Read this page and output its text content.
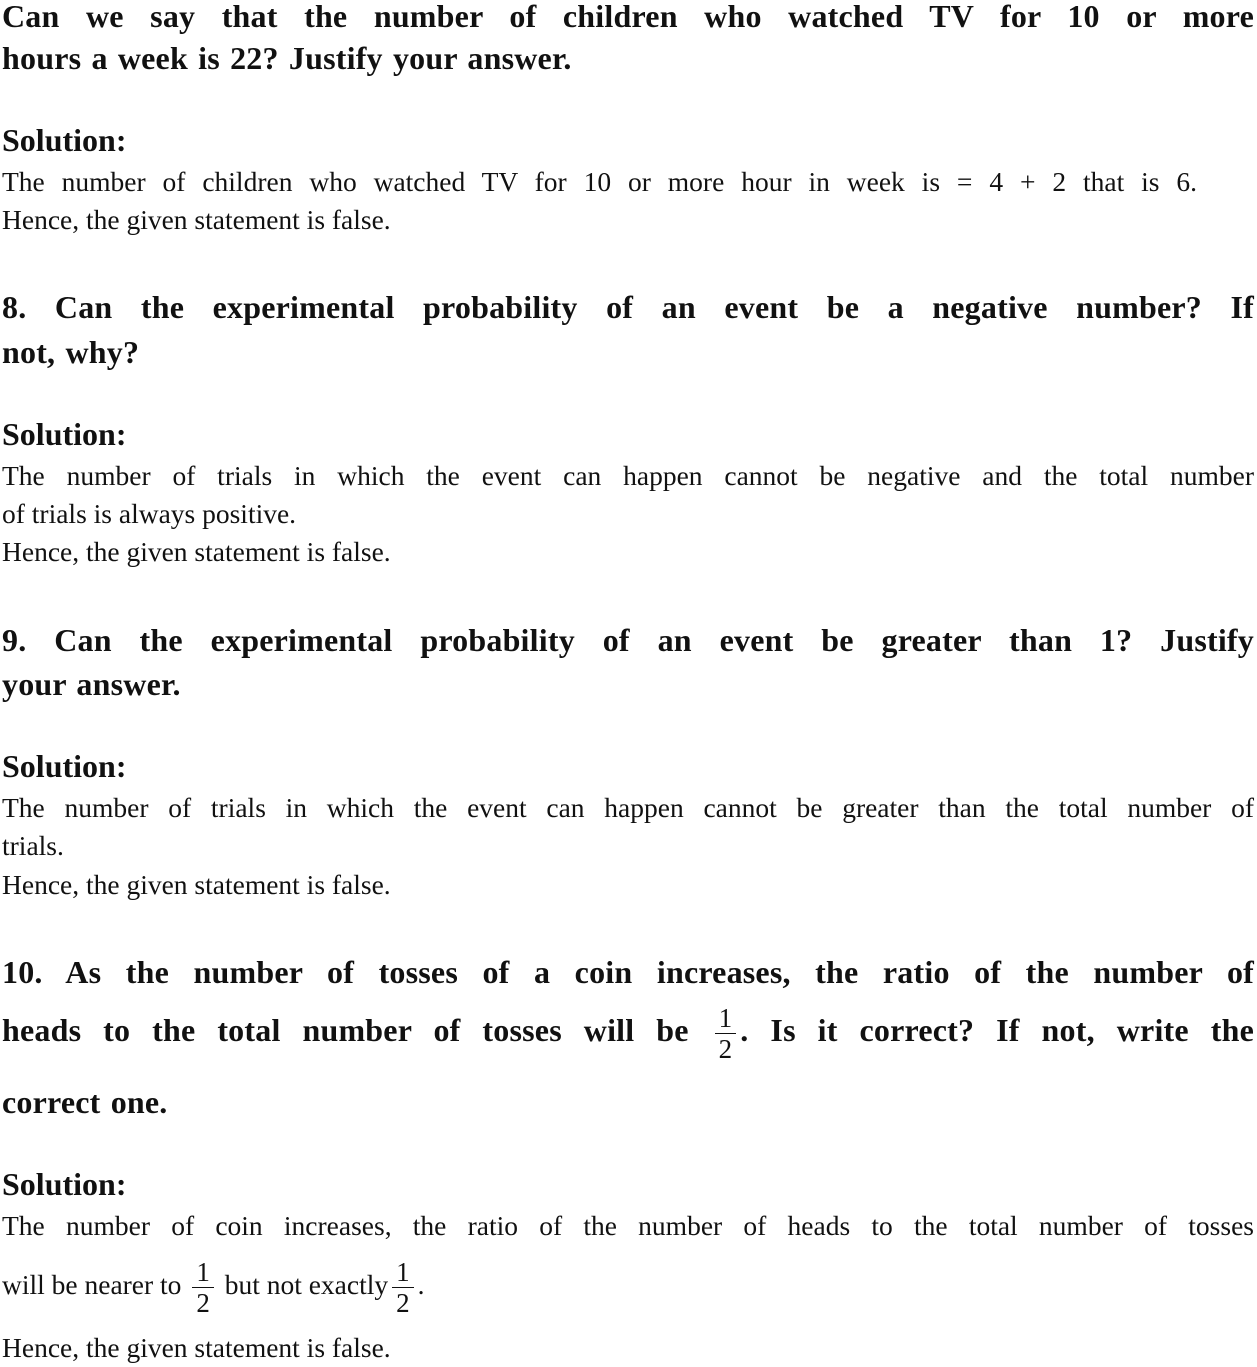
Can we say that the number of children who watched TV for 10 or more
hours a week is 22? Justify your answer.
Solution:
The number of children who watched TV for 10 or more hour in week is = 4 + 2 that is 6.
Hence, the given statement is false.
8. Can the experimental probability of an event be a negative number? If
not, why?
Solution:
The number of trials in which the event can happen cannot be negative and the total number
of trials is always positive.
Hence, the given statement is false.
9. Can the experimental probability of an event be greater than 1? Justify
your answer.
Solution:
The number of trials in which the event can happen cannot be greater than the total number of
trials.
Hence, the given statement is false.
10. As the number of tosses of a coin increases, the ratio of the number of
heads to the total number of tosses will be $\frac{1}{2}$ . Is it correct? If not, write the
correct one.
Solution:
The number of coin increases, the ratio of the number of heads to the total number of tosses
will be nearer to $\frac{1}{2}$ but not exactly $\frac{1}{2}$ .
Hence, the given statement is false.
